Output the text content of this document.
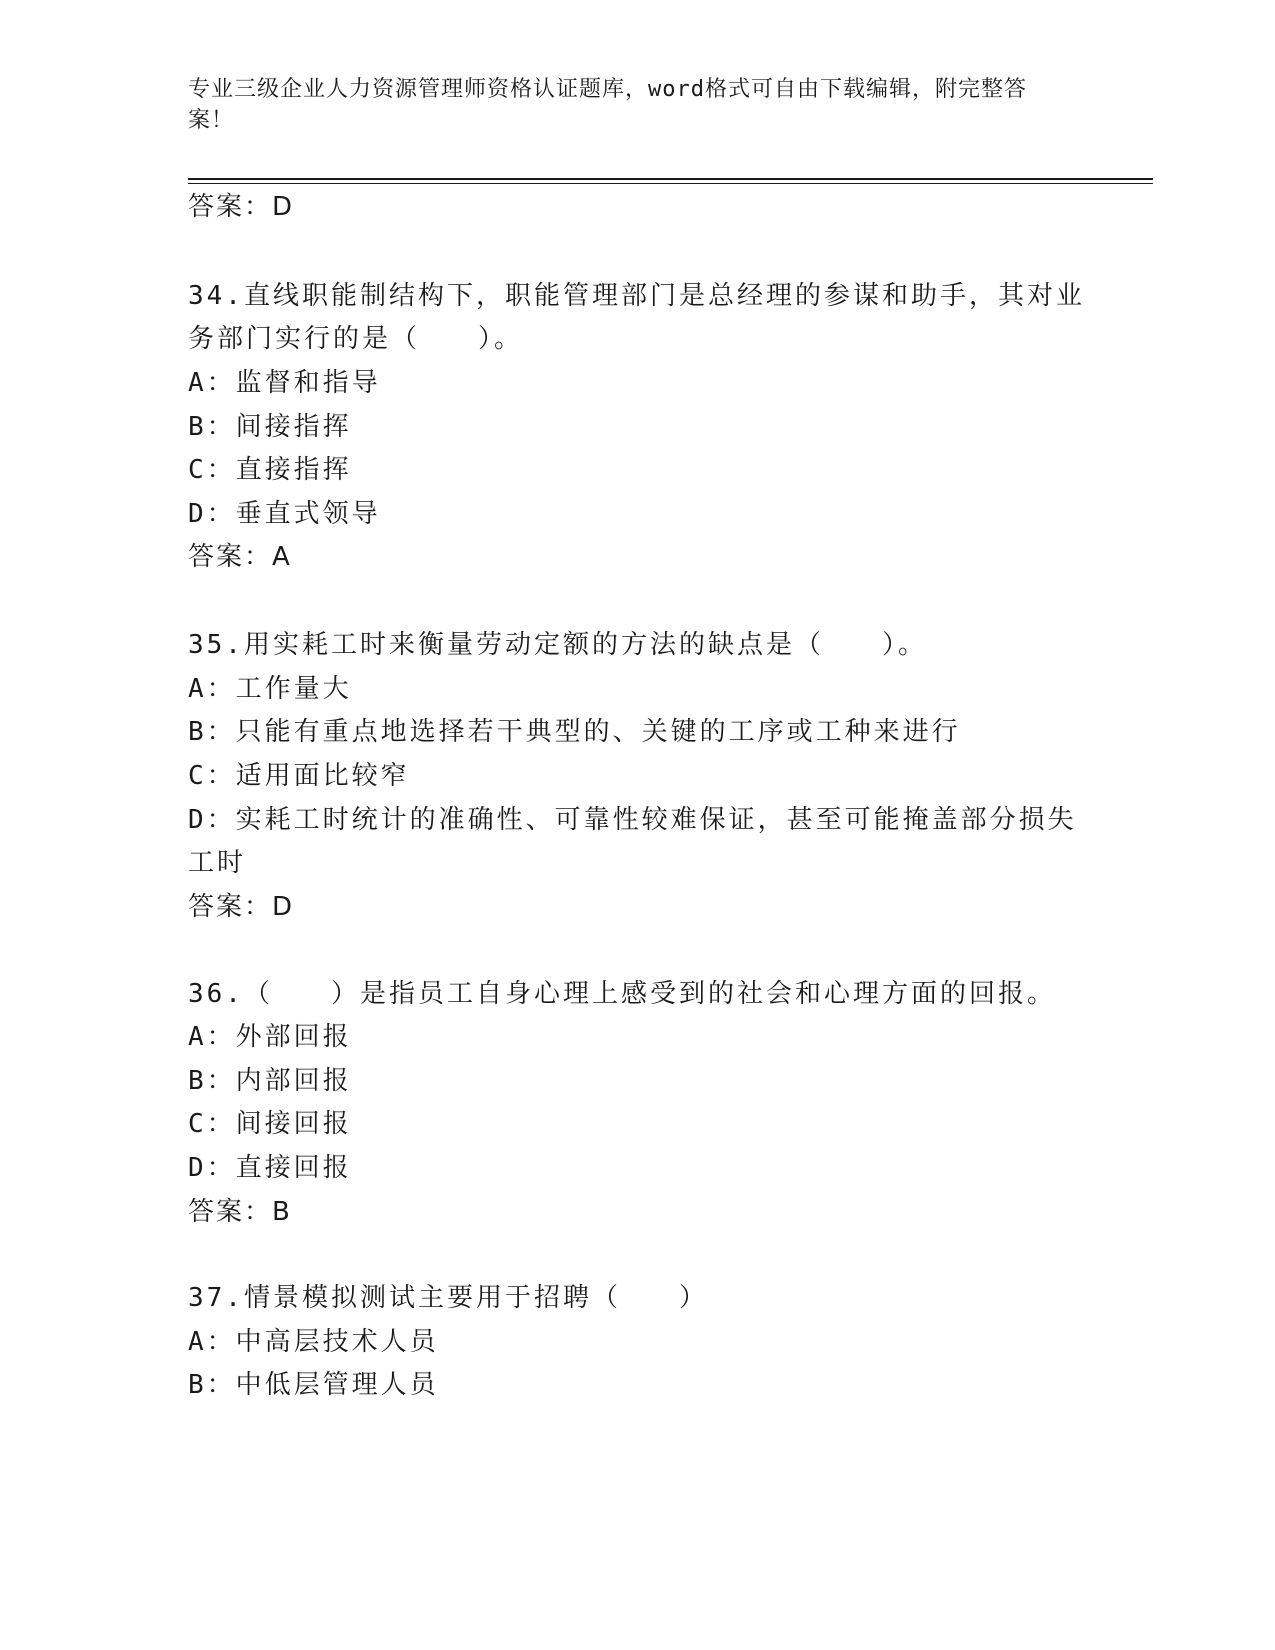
专业三级企业人力资源管理师资格认证题库，word格式可自由下载编辑，附完整答案！
答案：D
34.直线职能制结构下，职能管理部门是总经理的参谋和助手，其对业
务部门实行的是（　　）。
A：监督和指导
B：间接指挥
C：直接指挥
D：垂直式领导
答案：A
35.用实耗工时来衡量劳动定额的方法的缺点是（　　）。
A：工作量大
B：只能有重点地选择若干典型的、关键的工序或工种来进行
C：适用面比较窄
D：实耗工时统计的准确性、可靠性较难保证，甚至可能掩盖部分损失
工时
答案：D
36.（　　）是指员工自身心理上感受到的社会和心理方面的回报。
A：外部回报
B：内部回报
C：间接回报
D：直接回报
答案：B
37.情景模拟测试主要用于招聘（　　）
A：中高层技术人员
B：中低层管理人员
